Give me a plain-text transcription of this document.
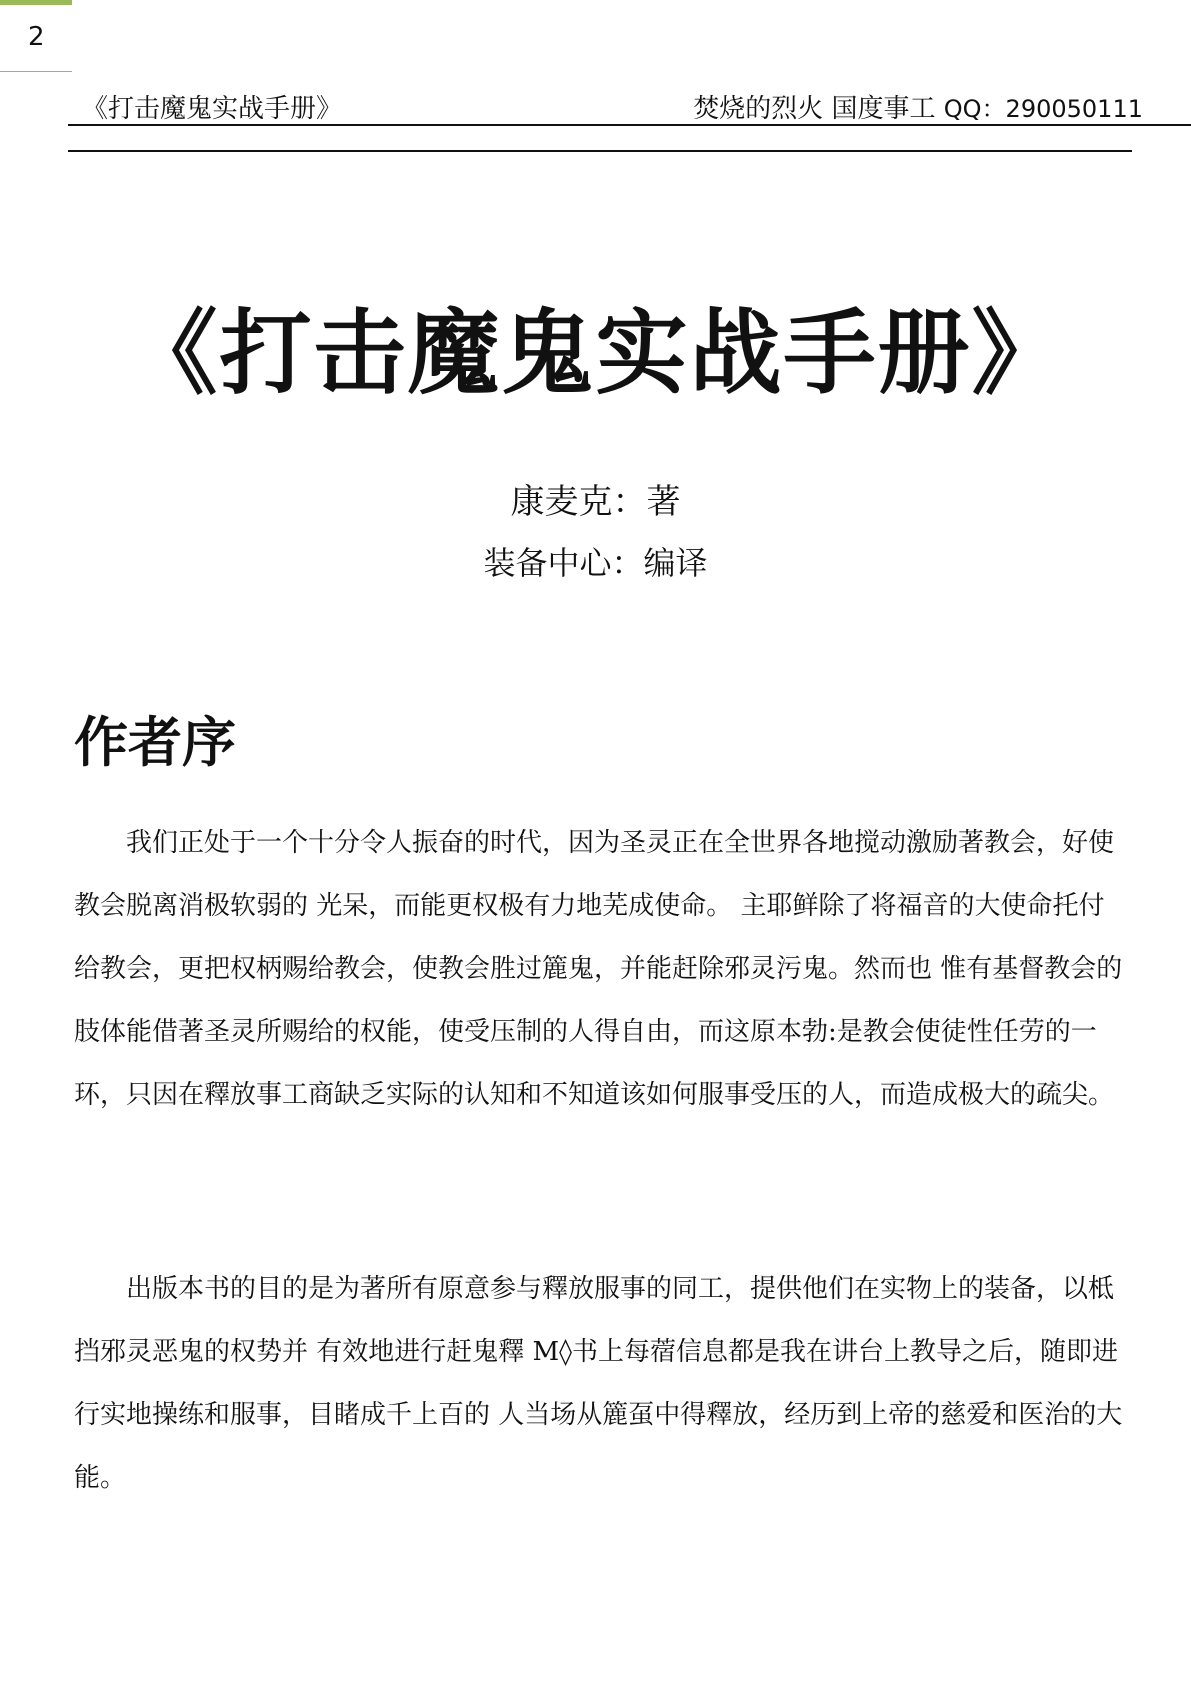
2
《打击魔鬼实战手册》	焚烧的烈火 国度事工 QQ：290050111
《打击魔鬼实战手册》
康麦克：著
装备中心：编译
作者序

我们正处于一个十分令人振奋的时代，因为圣灵正在全世界各地搅动激励著教会，好使教会脱离消极软弱的 光呆，而能更权极有力地芜成使命。 主耶鲜除了将福音的大使命托付给教会，更把权柄赐给教会，使教会胜过簏鬼，并能赶除邪灵污鬼。然而也 惟有基督教会的肢体能借著圣灵所赐给的权能，使受压制的人得自由，而这原本勃:是教会使徒性任劳的一 环，只因在釋放事工商缺乏实际的认知和不知道该如何服事受压的人，而造成极大的疏尖。

出版本书的目的是为著所有原意参与釋放服事的同工，提供他们在实物上的装备，以柢挡邪灵恶鬼的权势并 有效地进行赶鬼釋 M◊书上每蓿信息都是我在讲台上教导之后，随即进行实地操练和服事，目睹成千上百的 人当场从簏虿中得釋放，经历到上帝的慈爱和医治的大能。
